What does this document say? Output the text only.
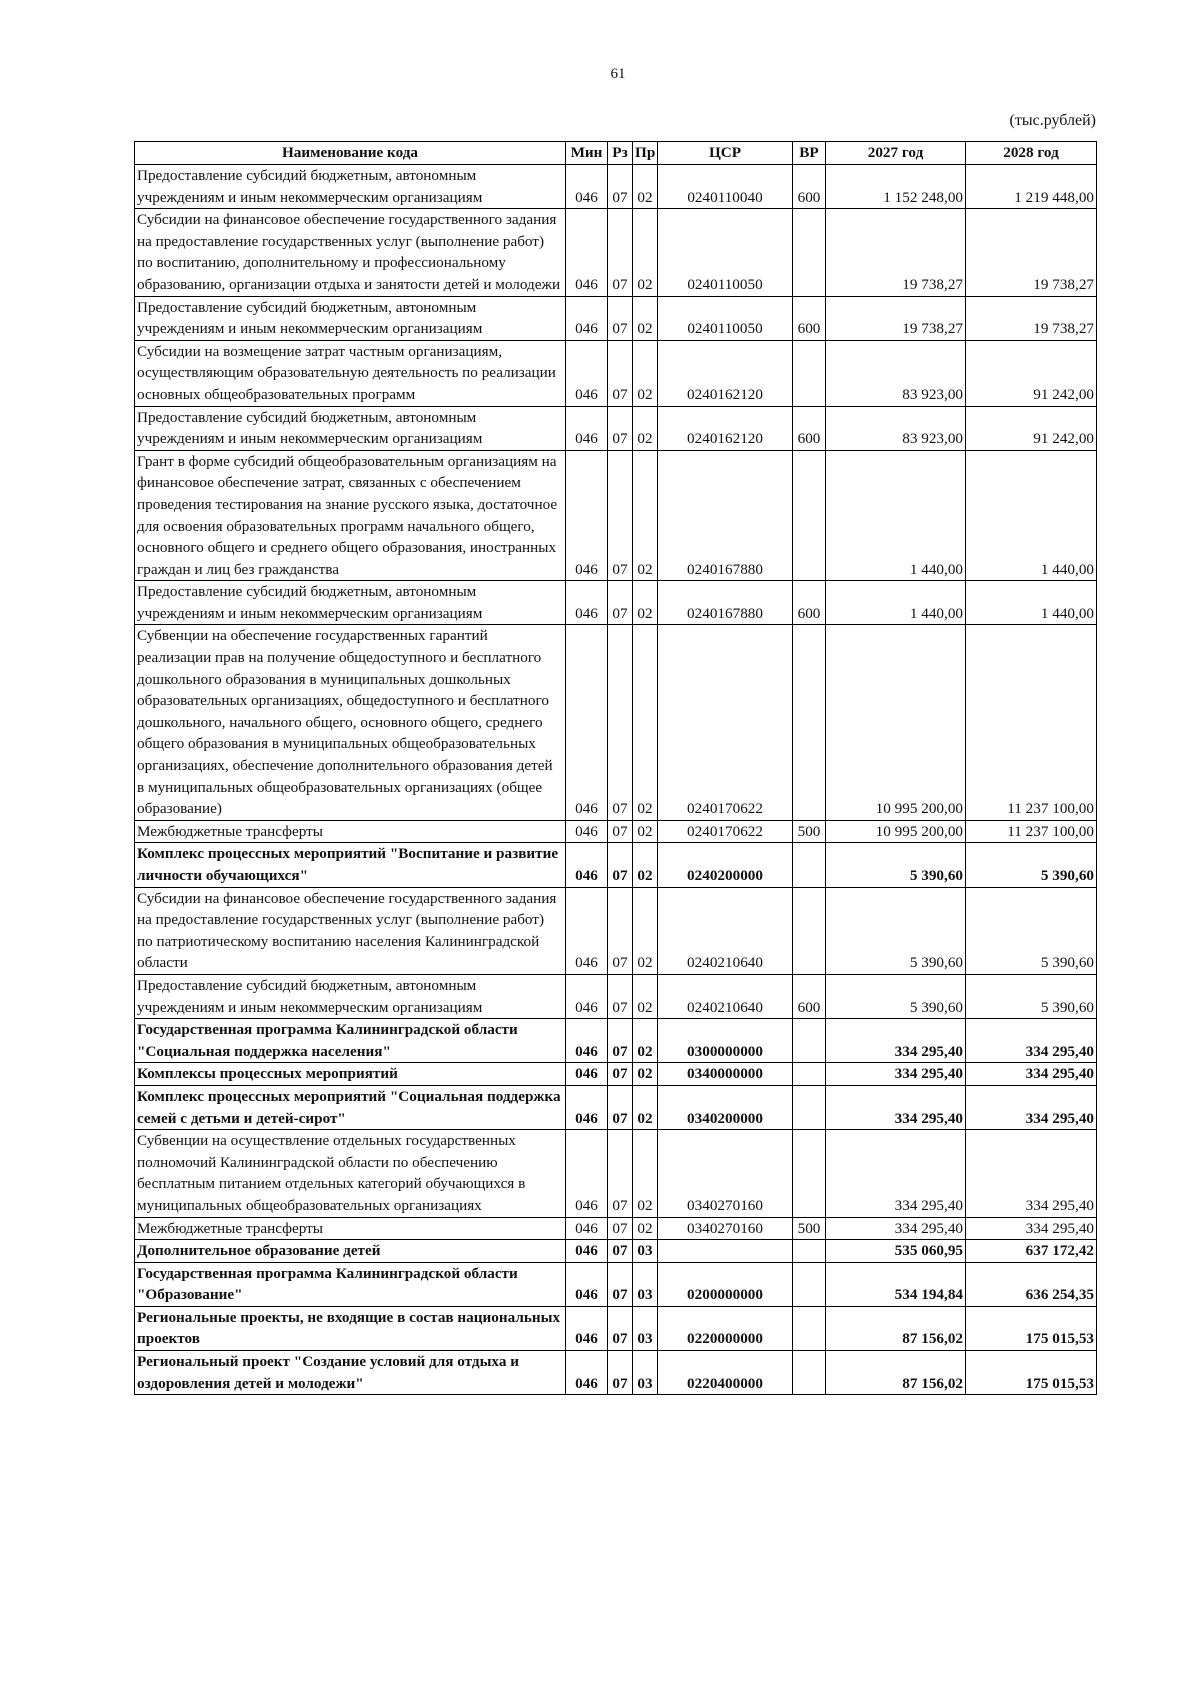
61
(тыс.рублей)
Наименование кода	Мин	Рз	Пр	ЦСР	ВР	2027 год	2028 год
Предоставление субсидий бюджетным, автономным учреждениям и иным некоммерческим организациям	046	07	02	0240110040	600	1 152 248,00	1 219 448,00
Субсидии на финансовое обеспечение государственного задания на предоставление государственных услуг (выполнение работ) по воспитанию, дополнительному и профессиональному образованию, организации отдыха и занятости детей и молодежи	046	07	02	0240110050		19 738,27	19 738,27
Предоставление субсидий бюджетным, автономным учреждениям и иным некоммерческим организациям	046	07	02	0240110050	600	19 738,27	19 738,27
Субсидии на возмещение затрат частным организациям, осуществляющим образовательную деятельность по реализации основных общеобразовательных программ	046	07	02	0240162120		83 923,00	91 242,00
Предоставление субсидий бюджетным, автономным учреждениям и иным некоммерческим организациям	046	07	02	0240162120	600	83 923,00	91 242,00
Грант в форме субсидий общеобразовательным организациям на финансовое обеспечение затрат, связанных с обеспечением проведения тестирования на знание русского языка, достаточное для освоения образовательных программ начального общего, основного общего и среднего общего образования, иностранных граждан и лиц без гражданства	046	07	02	0240167880		1 440,00	1 440,00
Предоставление субсидий бюджетным, автономным учреждениям и иным некоммерческим организациям	046	07	02	0240167880	600	1 440,00	1 440,00
Субвенции на обеспечение государственных гарантий реализации прав на получение общедоступного и бесплатного дошкольного образования в муниципальных дошкольных образовательных организациях, общедоступного и бесплатного дошкольного, начального общего, основного общего, среднего общего образования в муниципальных общеобразовательных организациях, обеспечение дополнительного образования детей в муниципальных общеобразовательных организациях (общее образование)	046	07	02	0240170622		10 995 200,00	11 237 100,00
Межбюджетные трансферты	046	07	02	0240170622	500	10 995 200,00	11 237 100,00
Комплекс процессных мероприятий "Воспитание и развитие личности обучающихся"	046	07	02	0240200000		5 390,60	5 390,60
Субсидии на финансовое обеспечение государственного задания на предоставление государственных услуг (выполнение работ) по патриотическому воспитанию населения Калининградской области	046	07	02	0240210640		5 390,60	5 390,60
Предоставление субсидий бюджетным, автономным учреждениям и иным некоммерческим организациям	046	07	02	0240210640	600	5 390,60	5 390,60
Государственная программа Калининградской области "Социальная поддержка населения"	046	07	02	0300000000		334 295,40	334 295,40
Комплексы процессных мероприятий	046	07	02	0340000000		334 295,40	334 295,40
Комплекс процессных мероприятий "Социальная поддержка семей с детьми и детей-сирот"	046	07	02	0340200000		334 295,40	334 295,40
Субвенции на осуществление отдельных государственных полномочий Калининградской области по обеспечению бесплатным питанием отдельных категорий обучающихся в муниципальных общеобразовательных организациях	046	07	02	0340270160		334 295,40	334 295,40
Межбюджетные трансферты	046	07	02	0340270160	500	334 295,40	334 295,40
Дополнительное образование детей	046	07	03			535 060,95	637 172,42
Государственная программа Калининградской области "Образование"	046	07	03	0200000000		534 194,84	636 254,35
Региональные проекты, не входящие в состав национальных проектов	046	07	03	0220000000		87 156,02	175 015,53
Региональный проект "Создание условий для отдыха и оздоровления детей и молодежи"	046	07	03	0220400000		87 156,02	175 015,53
